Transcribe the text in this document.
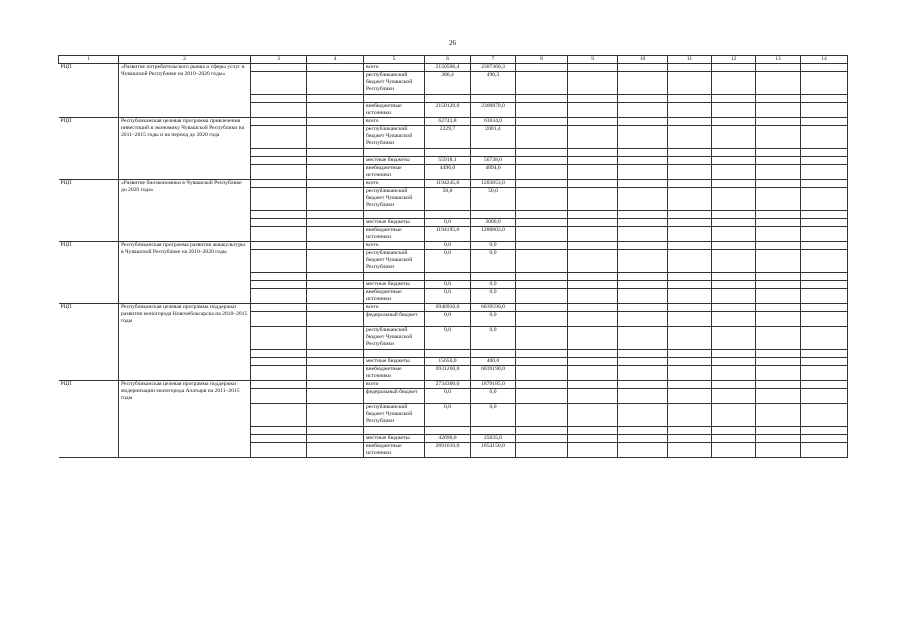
26
1	2	3	4	5	6	7	8	9	10	11	12	13	14
РЦП	«Развитие потребительского рынка и сферы услуг в Чувашской Республике на 2010–2020 годы»			всего	2150506,4	2307360,3							
				республиканский бюджет Чувашской Республики	386,4	490,3							

				внебюджетные источники	2150120,0	2306870,0							
РЦП	Республиканская целевая программа привлечения инвестиций в экономику Чувашской Республики на 2011–2015 годы и на период до 2020 года			всего	62743,8	63634,0							
				республиканский бюджет Чувашской Республики	2329,7	2001,4							

				местные бюджеты	55918,1	56738,0							
				внебюджетные источники	4496,0	4894,6							
РЦП	«Развитие биоэкономики в Чувашской Республике до 2020 года»			всего	1194245,0	1283853,0							
				республиканский бюджет Чувашской Республики	50,0	50,0							

				местные бюджеты	0,0	3000,0							
				внебюджетные источники	1194195,0	1280803,0							
РЦП	Республиканская программа развития аквакультуры в Чувашской Республике на 2010–2020 годы			всего	0,0	0,0							
				республиканский бюджет Чувашской Республики	0,0	0,0							

				местные бюджеты	0,0	0,0							
				внебюджетные источники	0,0	0,0							
РЦП	Республиканская целевая программа поддержки развития моногорода Новочебоксарска на 2010–2015 годы			всего	6946910,0	6839590,0							
				федеральный бюджет	0,0	0,0							
				республиканский бюджет Чувашской Республики	0,0	0,0							

				местные бюджеты	15650,0	400,0							
				внебюджетные источники	6931260,0	6839190,0							
РЦП	Республиканская целевая программа поддержки модернизации моногорода Алатыря на 2011–2015 годы			всего	2734300,0	1879185,0							
				федеральный бюджет	0,0	0,0							
				республиканский бюджет Чувашской Республики	0,0	0,0							

				местные бюджеты	42690,0	25035,0							
				внебюджетные источники	2691610,0	1854150,0							
